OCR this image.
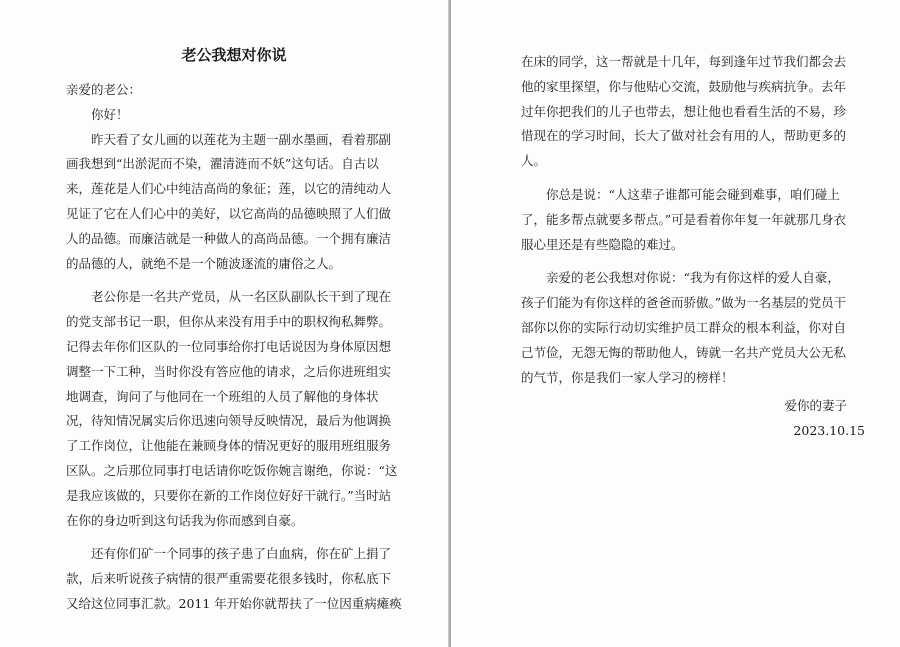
老公我想对你说

亲爱的老公：

你好！

昨天看了女儿画的以莲花为主题一副水墨画，看着那副画我想到“出淤泥而不染，濯清涟而不妖”这句话。自古以来，莲花是人们心中纯洁高尚的象征；莲，以它的清纯动人见证了它在人们心中的美好，以它高尚的品德映照了人们做人的品德。而廉洁就是一种做人的高尚品德。一个拥有廉洁的品德的人，就绝不是一个随波逐流的庸俗之人。

老公你是一名共产党员，从一名区队副队长干到了现在的党支部书记一职，但你从来没有用手中的职权徇私舞弊。记得去年你们区队的一位同事给你打电话说因为身体原因想调整一下工种，当时你没有答应他的请求，之后你进班组实地调查，询问了与他同在一个班组的人员了解他的身体状况，待知情况属实后你迅速向领导反映情况，最后为他调换了工作岗位，让他能在兼顾身体的情况更好的服用班组服务区队。之后那位同事打电话请你吃饭你婉言谢绝，你说：“这是我应该做的，只要你在新的工作岗位好好干就行。”当时站在你的身边听到这句话我为你而感到自豪。

还有你们矿一个同事的孩子患了白血病，你在矿上捐了款，后来听说孩子病情的很严重需要花很多钱时，你私底下又给这位同事汇款。2011 年开始你就帮扶了一位因重病瘫痪

在床的同学，这一帮就是十几年，每到逢年过节我们都会去他的家里探望，你与他贴心交流，鼓励他与疾病抗争。去年过年你把我们的儿子也带去，想让他也看看生活的不易，珍惜现在的学习时间，长大了做对社会有用的人，帮助更多的人。

你总是说：“人这辈子谁都可能会碰到难事，咱们碰上了，能多帮点就要多帮点。”可是看着你年复一年就那几身衣服心里还是有些隐隐的难过。

亲爱的老公我想对你说：“我为有你这样的爱人自豪，孩子们能为有你这样的爸爸而骄傲。”做为一名基层的党员干部你以你的实际行动切实维护员工群众的根本利益，你对自己节俭，无怨无悔的帮助他人，铸就一名共产党员大公无私的气节，你是我们一家人学习的榜样！

爱你的妻子

2023.10.15
